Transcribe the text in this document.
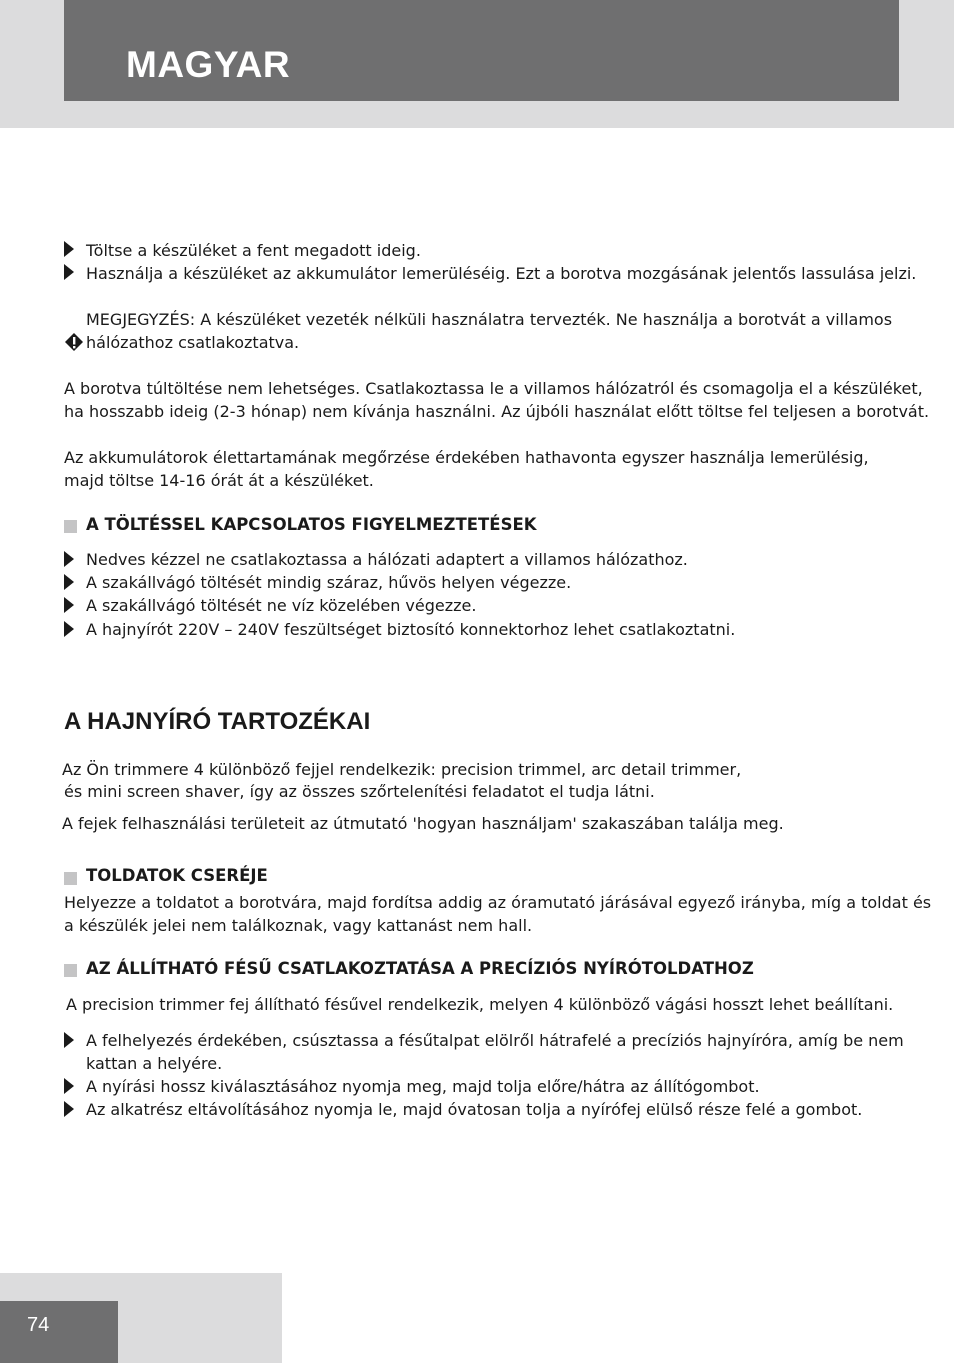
MAGYAR
Töltse a készüléket a fent megadott ideig.
Használja a készüléket az akkumulátor lemerüléséig. Ezt a borotva mozgásának jelentős lassulása jelzi.
MEGJEGYZÉS: A készüléket vezeték nélküli használatra tervezték. Ne használja a borotvát a villamos
hálózathoz csatlakoztatva.
A borotva túltöltése nem lehetséges. Csatlakoztassa le a villamos hálózatról és csomagolja el a készüléket,
ha hosszabb ideig (2-3 hónap) nem kívánja használni. Az újbóli használat előtt töltse fel teljesen a borotvát.
Az akkumulátorok élettartamának megőrzése érdekében hathavonta egyszer használja lemerülésig,
majd töltse 14-16 órát át a készüléket.
A TÖLTÉSSEL KAPCSOLATOS FIGYELMEZTETÉSEK
Nedves kézzel ne csatlakoztassa a hálózati adaptert a villamos hálózathoz.
A szakállvágó töltését mindig száraz, hűvös helyen végezze.
A szakállvágó töltését ne víz közelében végezze.
A hajnyírót 220V – 240V feszültséget biztosító konnektorhoz lehet csatlakoztatni.
A HAJNYÍRÓ TARTOZÉKAI
Az Ön trimmere 4 különböző fejjel rendelkezik: precision trimmel, arc detail trimmer,
és mini screen shaver, így az összes szőrtelenítési feladatot el tudja látni.
A fejek felhasználási területeit az útmutató 'hogyan használjam' szakaszában találja meg.
TOLDATOK CSERÉJE
Helyezze a toldatot a borotvára, majd fordítsa addig az óramutató járásával egyező irányba, míg a toldat és
a készülék jelei nem találkoznak, vagy kattanást nem hall.
AZ ÁLLÍTHATÓ FÉSŰ CSATLAKOZTATÁSA A PRECÍZIÓS NYÍRÓTOLDATHOZ
A precision trimmer fej állítható fésűvel rendelkezik, melyen 4 különböző vágási hosszt lehet beállítani.
A felhelyezés érdekében, csúsztassa a fésűtalpat elölről hátrafelé a precíziós hajnyíróra, amíg be nem
kattan a helyére.
A nyírási hossz kiválasztásához nyomja meg, majd tolja előre/hátra az állítógombot.
Az alkatrész eltávolításához nyomja le, majd óvatosan tolja a nyírófej elülső része felé a gombot.
74
